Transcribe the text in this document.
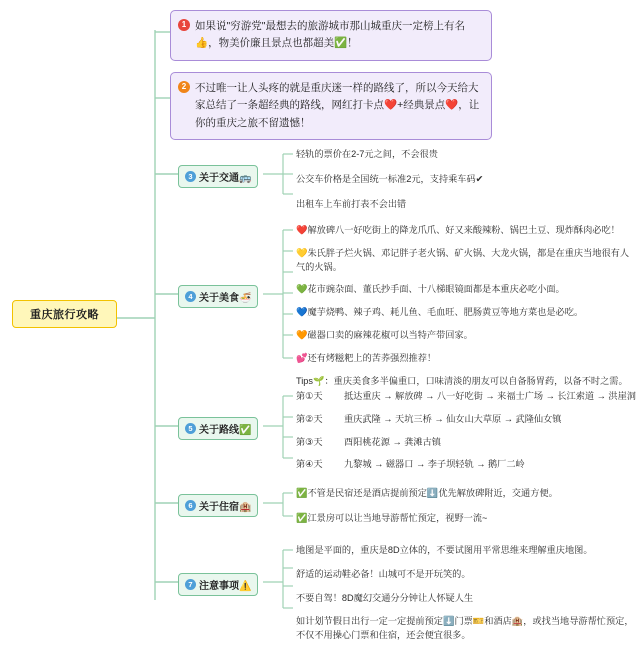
重庆旅行攻略
1 如果说"穷游党"最想去的旅游城市那山城重庆一定榜上有名👍，物美价廉且景点也都超美✅！
2 不过唯一让人头疼的就是重庆迷一样的路线了，所以今天给大家总结了一条超经典的路线，网红打卡点❤️+经典景点❤️，让你的重庆之旅不留遗憾！
3 关于交通🚌
轻轨的票价在2-7元之间，不会很贵
公交车价格是全国统一标准2元，支持乘车码✔
出租车上车前打表不会出错
4 关于美食🍜
❤️解放碑八一好吃街上的降龙爪爪、好又来酸辣粉、锅巴土豆、现炸酥肉必吃！
💛朱氏胖子烂火锅、邓记胖子老火锅、矿火锅、大龙火锅，都是在重庆当地很有人气的火锅。
💚花市豌杂面、董氏抄手面、十八梯眼镜面都是本重庆必吃小面。
💙魔芋烧鸭、辣子鸡、耗儿鱼、毛血旺、肥肠黄豆等地方菜也是必吃。
🧡磁器口卖的麻辣花椒可以当特产带回家。
💕还有烤糍粑上的苦荞强烈推荐！
Tips🌱：重庆美食多半偏重口，口味清淡的朋友可以自备肠胃药，以备不时之需。
5 关于路线✅
第①天	抵达重庆 → 解放碑 → 八一好吃街 → 来福士广场 → 长江索道 → 洪崖洞
第②天	重庆武隆 → 天坑三桥 → 仙女山大草原 → 武隆仙女镇
第③天	酉阳桃花源 → 龚滩古镇
第④天	九黎城 → 磁器口 → 李子坝轻轨 → 鹅厂二岭
6 关于住宿🏨
✅不管是民宿还是酒店提前预定⬇️优先解放碑附近，交通方便。
✅江景房可以让当地导游帮忙预定，视野一流~
7 注意事项⚠️
地图是平面的，重庆是8D立体的，不要试图用平常思维来理解重庆地图。
舒适的运动鞋必备！山城可不是开玩笑的。
不要自驾！8D魔幻交通分分钟让人怀疑人生
如计划节假日出行一定一定提前预定⬇️门票🎫和酒店🏨，或找当地导游帮忙预定，不仅不用操心门票和住宿，还会便宜很多。
